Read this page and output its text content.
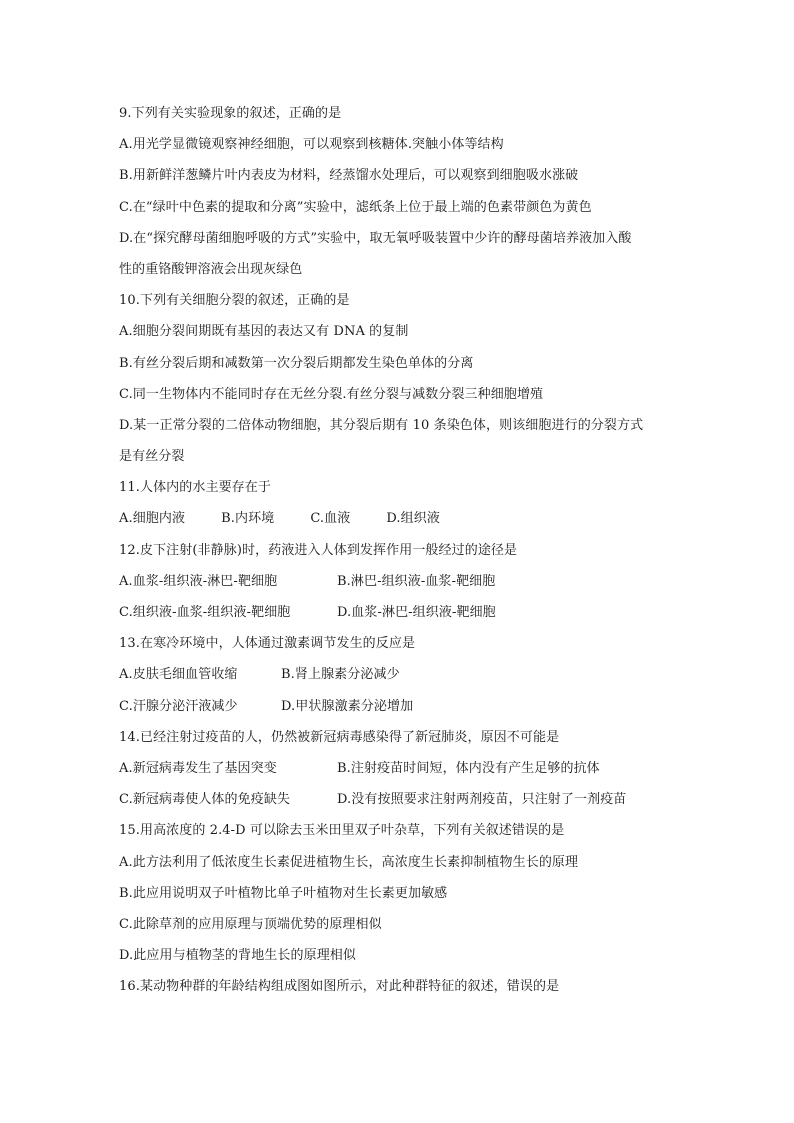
9.下列有关实验现象的叙述，正确的是
A.用光学显微镜观察神经细胞，可以观察到核糖体.突触小体等结构
B.用新鲜洋葱鳞片叶内表皮为材料，经蒸馏水处理后，可以观察到细胞吸水涨破
C.在“绿叶中色素的提取和分离”实验中，滤纸条上位于最上端的色素带颜色为黄色
D.在“探究酵母菌细胞呼吸的方式”实验中，取无氧呼吸装置中少许的酵母菌培养液加入酸
性的重铬酸钾溶液会出现灰绿色
10.下列有关细胞分裂的叙述，正确的是
A.细胞分裂间期既有基因的表达又有 DNA 的复制
B.有丝分裂后期和减数第一次分裂后期都发生染色单体的分离
C.同一生物体内不能同时存在无丝分裂.有丝分裂与减数分裂三种细胞增殖
D.某一正常分裂的二倍体动物细胞，其分裂后期有 10 条染色体，则该细胞进行的分裂方式
是有丝分裂
11.人体内的水主要存在于
A.细胞内液	B.内环境	C.血液	D.组织液
12.皮下注射(非静脉)时，药液进入人体到发挥作用一般经过的途径是
A.血浆-组织液-淋巴-靶细胞	B.淋巴-组织液-血浆-靶细胞
C.组织液-血浆-组织液-靶细胞	D.血浆-淋巴-组织液-靶细胞
13.在寒冷环境中，人体通过激素调节发生的反应是
A.皮肤毛细血管收缩	B.肾上腺素分泌减少
C.汗腺分泌汗液减少	D.甲状腺激素分泌增加
14.已经注射过疫苗的人，仍然被新冠病毒感染得了新冠肺炎，原因不可能是
A.新冠病毒发生了基因突变	B.注射疫苗时间短，体内没有产生足够的抗体
C.新冠病毒使人体的免疫缺失	D.没有按照要求注射两剂疫苗，只注射了一剂疫苗
15.用高浓度的 2.4-D 可以除去玉米田里双子叶杂草，下列有关叙述错误的是
A.此方法利用了低浓度生长素促进植物生长，高浓度生长素抑制植物生长的原理
B.此应用说明双子叶植物比单子叶植物对生长素更加敏感
C.此除草剂的应用原理与顶端优势的原理相似
D.此应用与植物茎的背地生长的原理相似
16.某动物种群的年龄结构组成图如图所示，对此种群特征的叙述，错误的是
